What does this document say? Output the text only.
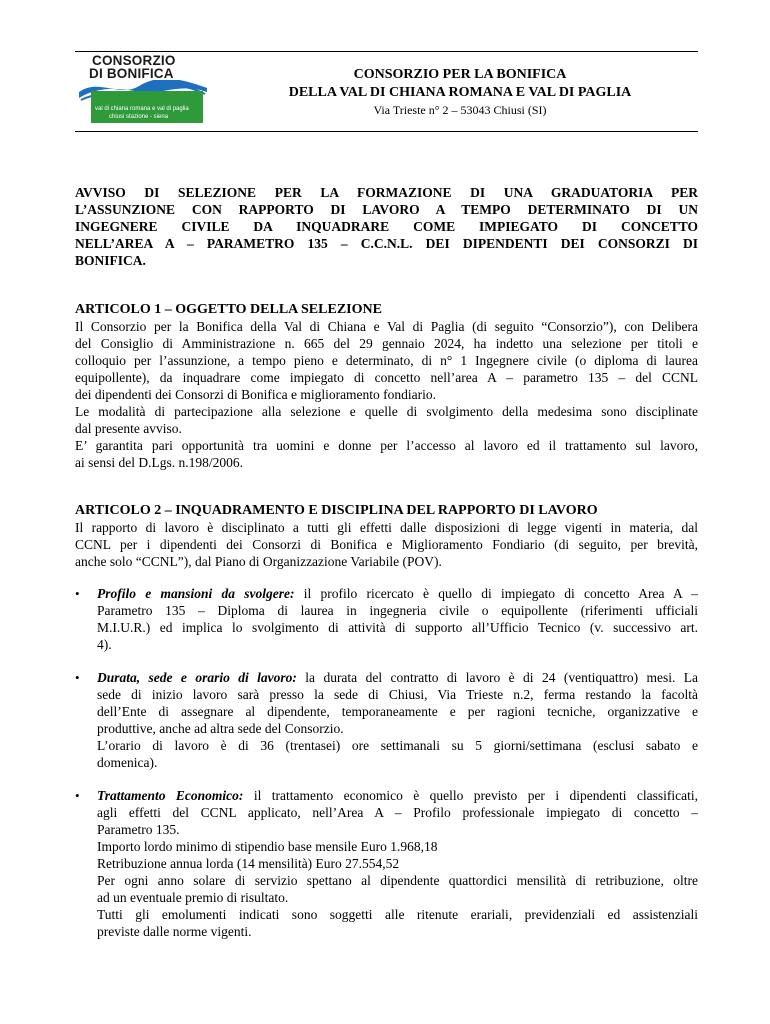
CONSORZIO
DI BONIFICA
val di chiana romana e val di paglia
chiusi stazione - siena
CONSORZIO PER LA BONIFICA
DELLA VAL DI CHIANA ROMANA E VAL DI PAGLIA
Via Trieste n° 2 – 53043 Chiusi (SI)
AVVISO DI SELEZIONE PER LA FORMAZIONE DI UNA GRADUATORIA PER
L’ASSUNZIONE CON RAPPORTO DI LAVORO A TEMPO DETERMINATO DI UN
INGEGNERE CIVILE DA INQUADRARE COME IMPIEGATO DI CONCETTO
NELL’AREA A – PARAMETRO 135 – C.C.N.L. DEI DIPENDENTI DEI CONSORZI DI
BONIFICA.
ARTICOLO 1 – OGGETTO DELLA SELEZIONE
Il Consorzio per la Bonifica della Val di Chiana e Val di Paglia (di seguito “Consorzio”), con Delibera
del Consiglio di Amministrazione n. 665 del 29 gennaio 2024, ha indetto una selezione per titoli e
colloquio per l’assunzione, a tempo pieno e determinato, di n° 1 Ingegnere civile (o diploma di laurea
equipollente), da inquadrare come impiegato di concetto nell’area A – parametro 135 – del CCNL
dei dipendenti dei Consorzi di Bonifica e miglioramento fondiario.
Le modalità di partecipazione alla selezione e quelle di svolgimento della medesima sono disciplinate
dal presente avviso.
E’ garantita pari opportunità tra uomini e donne per l’accesso al lavoro ed il trattamento sul lavoro,
ai sensi del D.Lgs. n.198/2006.
ARTICOLO 2 – INQUADRAMENTO E DISCIPLINA DEL RAPPORTO DI LAVORO
Il rapporto di lavoro è disciplinato a tutti gli effetti dalle disposizioni di legge vigenti in materia, dal
CCNL per i dipendenti dei Consorzi di Bonifica e Miglioramento Fondiario (di seguito, per brevità,
anche solo “CCNL”), dal Piano di Organizzazione Variabile (POV).
•	Profilo e mansioni da svolgere: il profilo ricercato è quello di impiegato di concetto Area A –
Parametro 135 – Diploma di laurea in ingegneria civile o equipollente (riferimenti ufficiali
M.I.U.R.) ed implica lo svolgimento di attività di supporto all’Ufficio Tecnico (v. successivo art.
4).
•	Durata, sede e orario di lavoro: la durata del contratto di lavoro è di 24 (ventiquattro) mesi. La
sede di inizio lavoro sarà presso la sede di Chiusi, Via Trieste n.2, ferma restando la facoltà
dell’Ente di assegnare al dipendente, temporaneamente e per ragioni tecniche, organizzative e
produttive, anche ad altra sede del Consorzio.
L’orario di lavoro è di 36 (trentasei) ore settimanali su 5 giorni/settimana (esclusi sabato e
domenica).
•	Trattamento Economico: il trattamento economico è quello previsto per i dipendenti classificati,
agli effetti del CCNL applicato, nell’Area A – Profilo professionale impiegato di concetto –
Parametro 135.
Importo lordo minimo di stipendio base mensile Euro 1.968,18
Retribuzione annua lorda (14 mensilità) Euro 27.554,52
Per ogni anno solare di servizio spettano al dipendente quattordici mensilità di retribuzione, oltre
ad un eventuale premio di risultato.
Tutti gli emolumenti indicati sono soggetti alle ritenute erariali, previdenziali ed assistenziali
previste dalle norme vigenti.
